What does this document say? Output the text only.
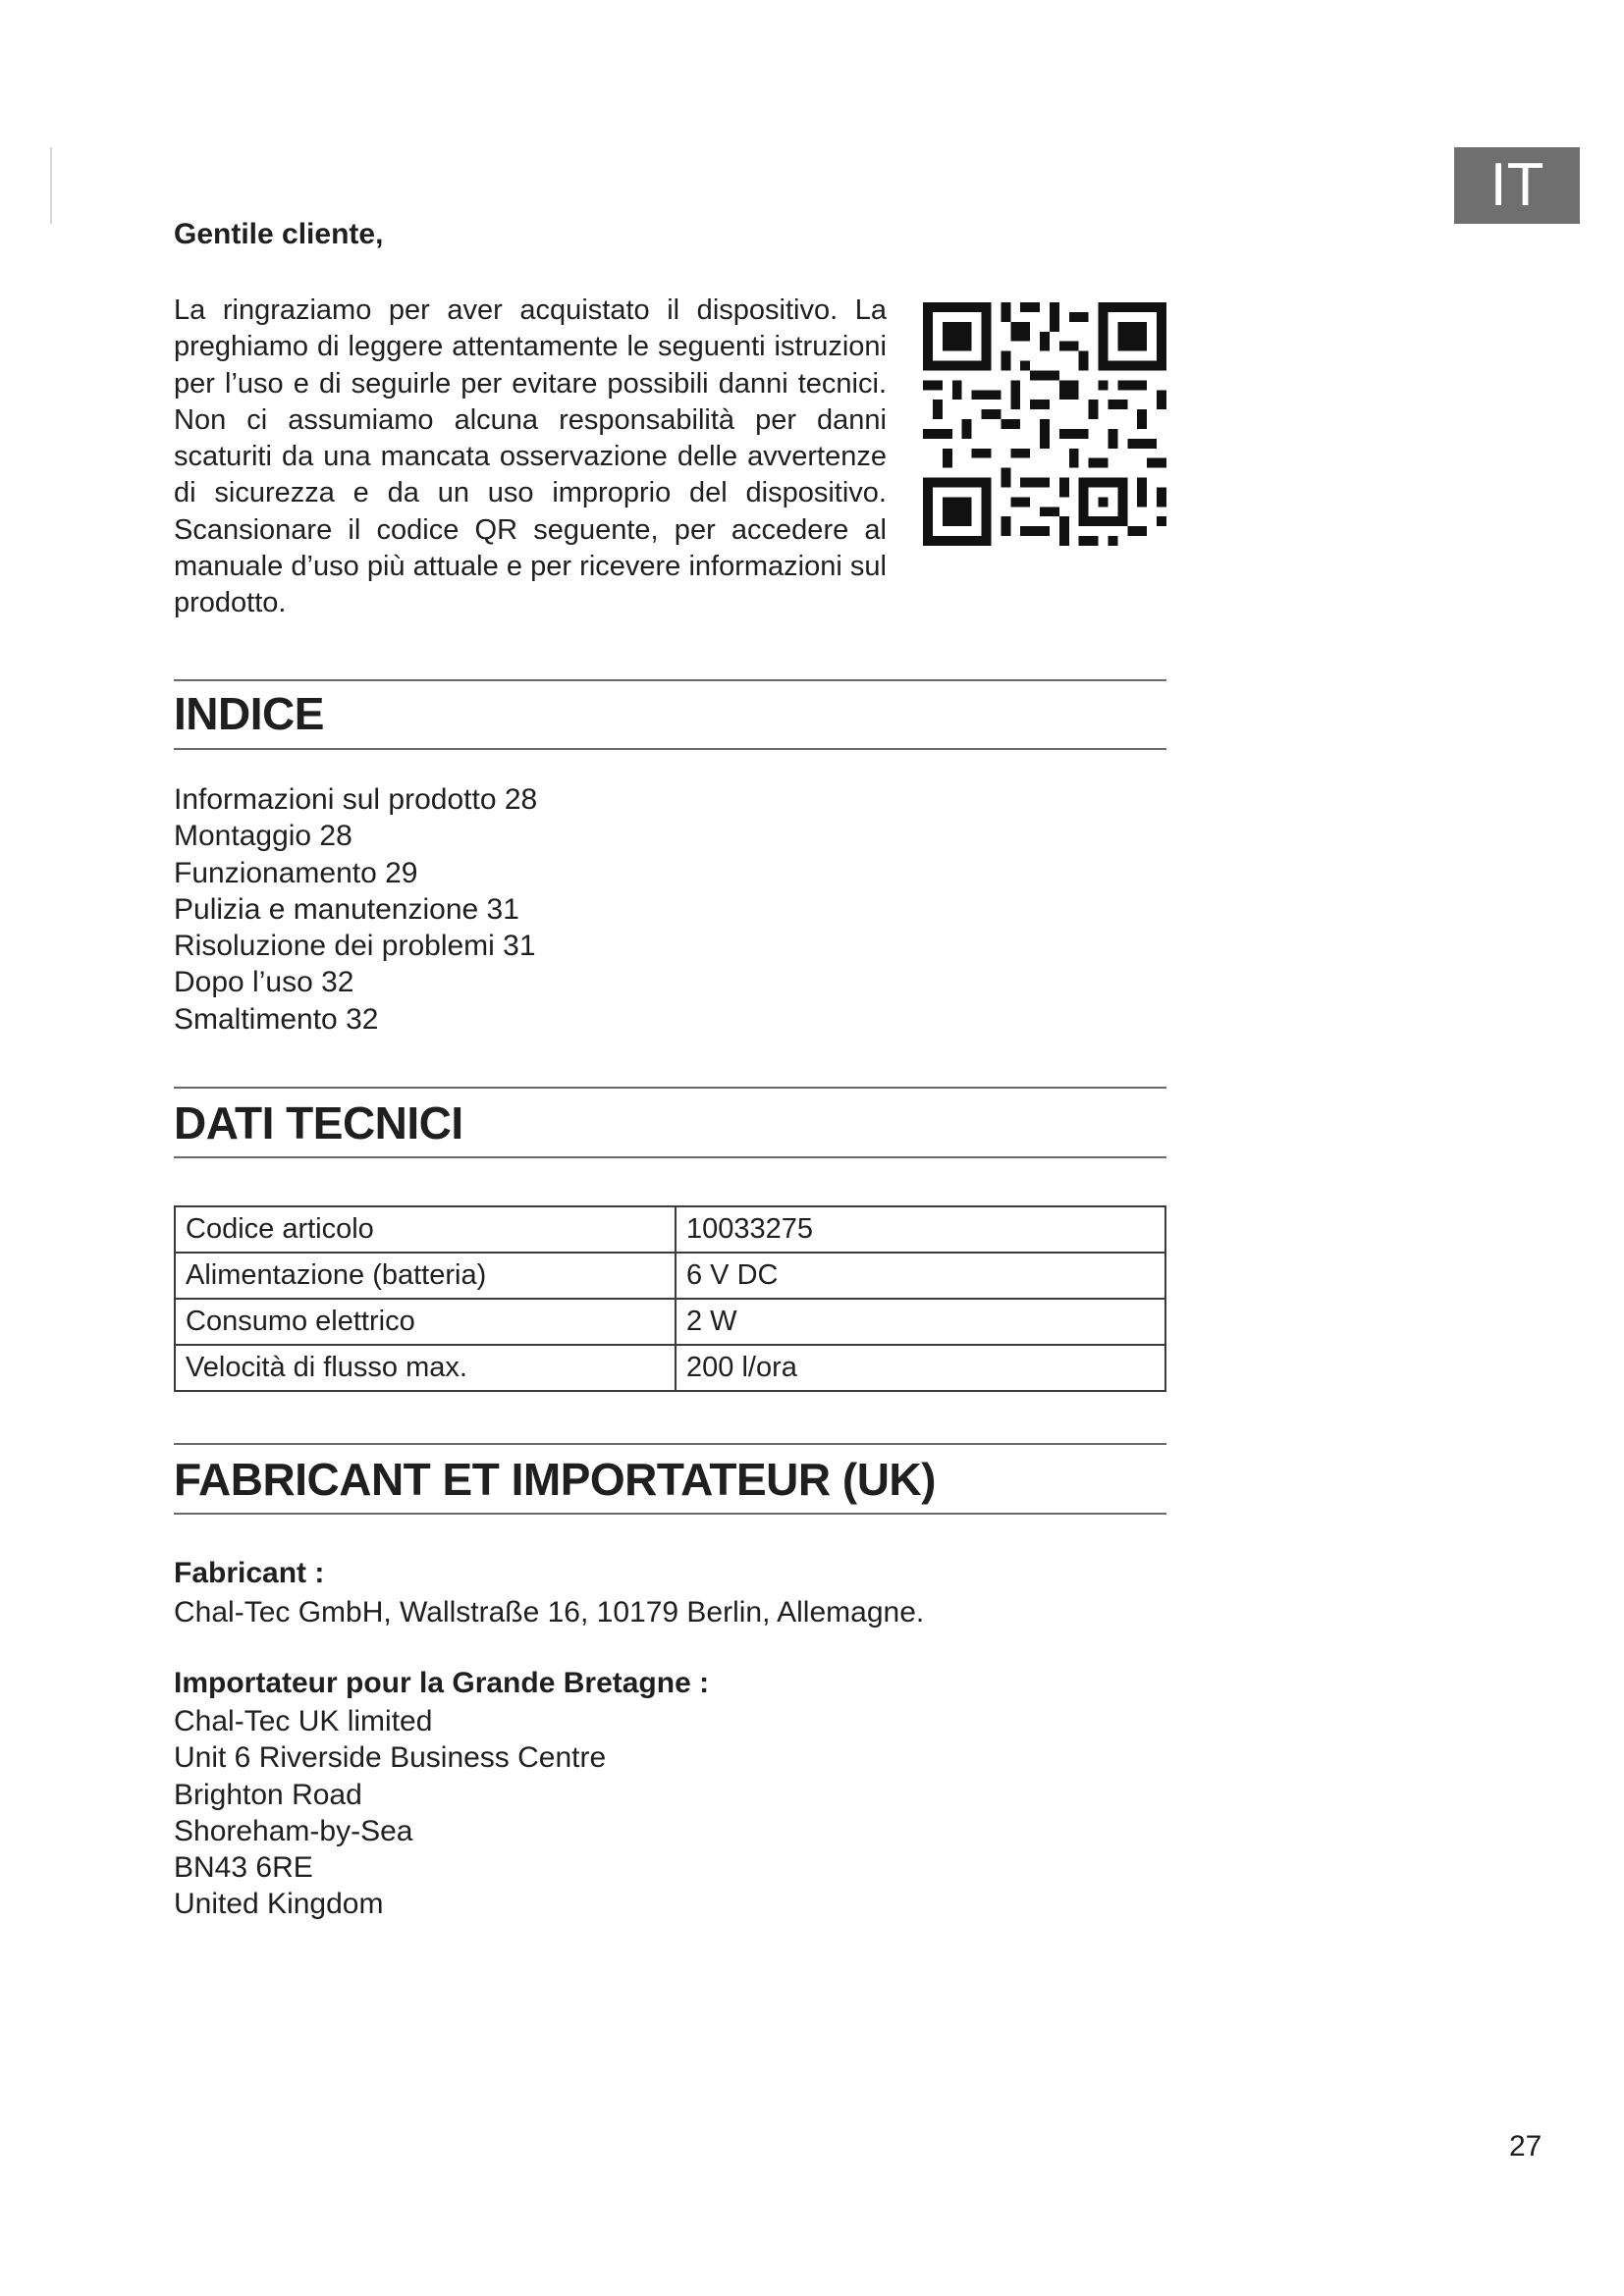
IT
Gentile cliente,

La ringraziamo per aver acquistato il dispositivo. La preghiamo di leggere attentamente le seguenti istruzioni per l’uso e di seguirle per evitare possibili danni tecnici. Non ci assumiamo alcuna responsabilità per danni scaturiti da una mancata osservazione delle avvertenze di sicurezza e da un uso improprio del dispositivo. Scansionare il codice QR seguente, per accedere al manuale d’uso più attuale e per ricevere informazioni sul prodotto.

INDICE
Informazioni sul prodotto 28
Montaggio 28
Funzionamento 29
Pulizia e manutenzione 31
Risoluzione dei problemi 31
Dopo l’uso 32
Smaltimento 32
DATI TECNICI
Codice articolo	10033275
Alimentazione (batteria)	6 V DC
Consumo elettrico	2 W
Velocità di flusso max.	200 l/ora
FABRICANT ET IMPORTATEUR (UK)
Fabricant :
Chal-Tec GmbH, Wallstraße 16, 10179 Berlin, Allemagne.
Importateur pour la Grande Bretagne :
Chal-Tec UK limited
Unit 6 Riverside Business Centre
Brighton Road
Shoreham-by-Sea
BN43 6RE
United Kingdom
27
